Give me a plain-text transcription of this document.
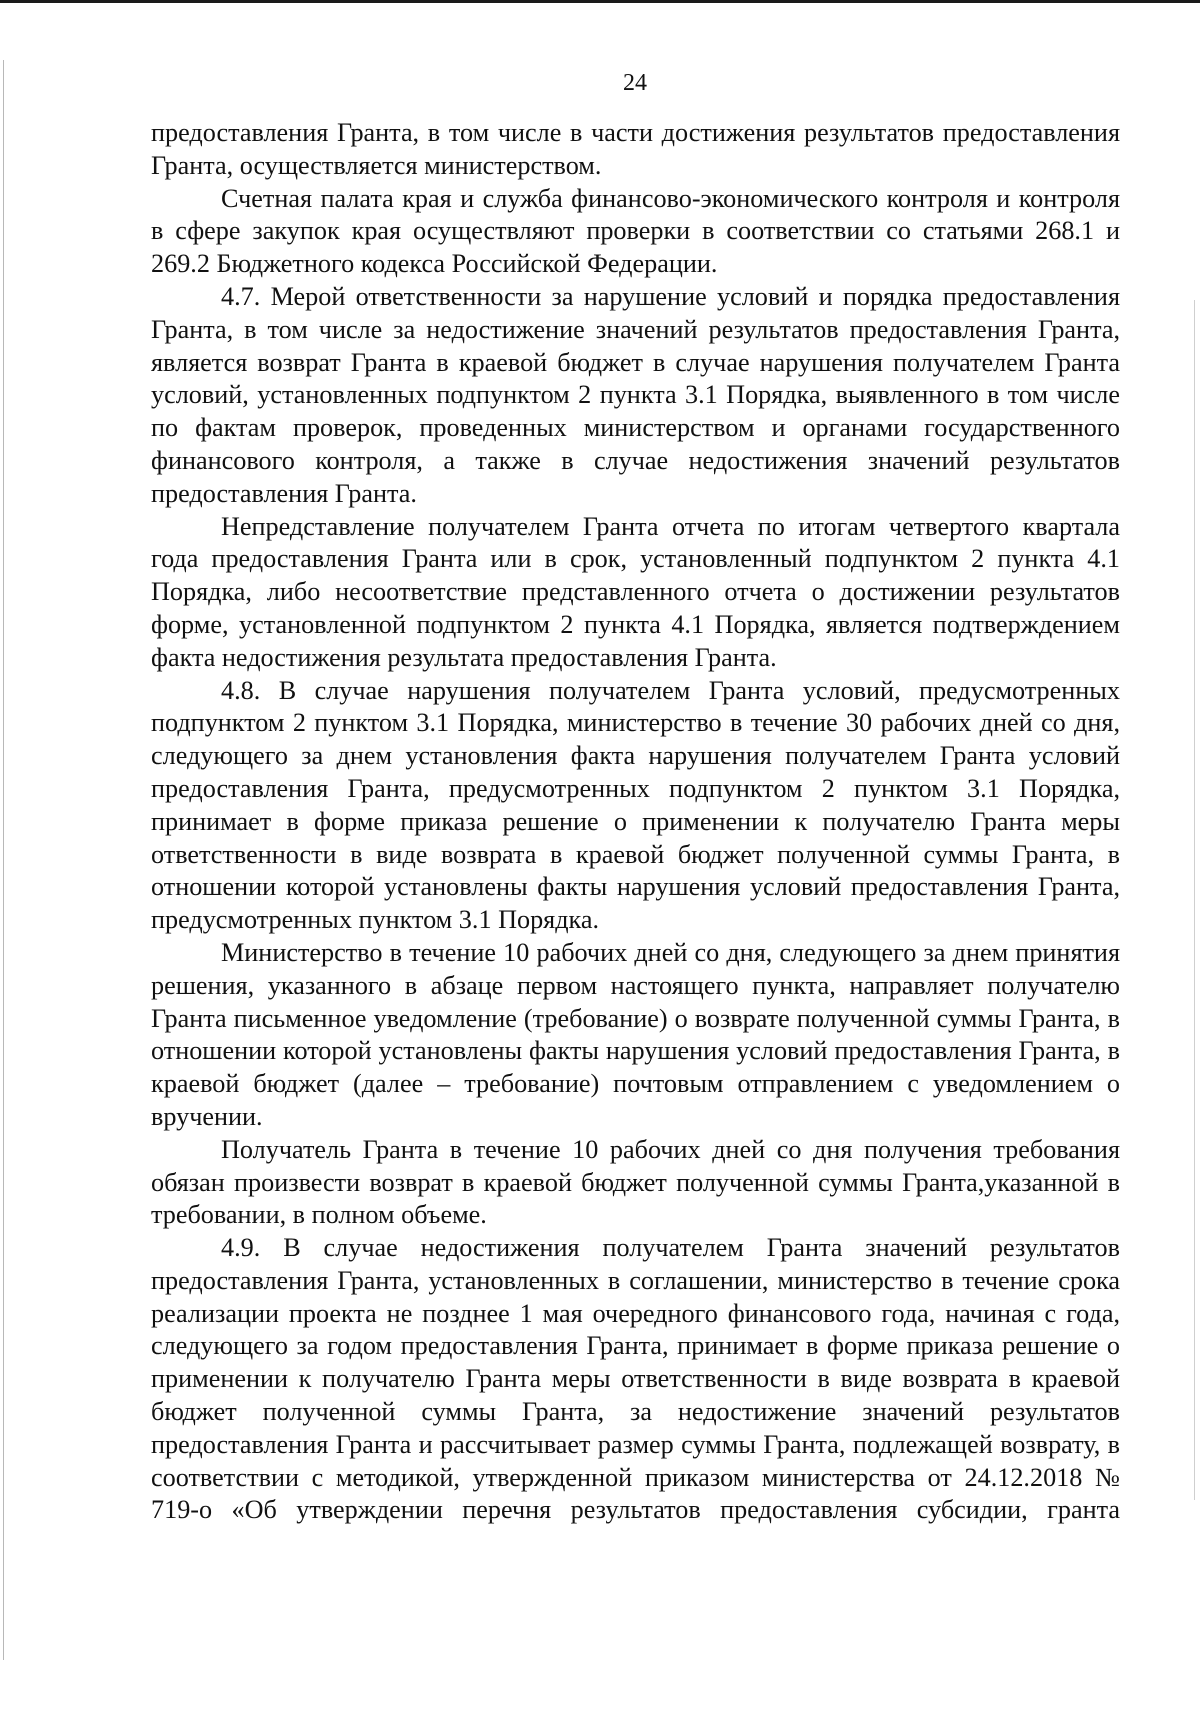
24

предоставления Гранта, в том числе в части достижения результатов предоставления Гранта, осуществляется министерством.

Счетная палата края и служба финансово-экономического контроля и контроля в сфере закупок края осуществляют проверки в соответствии со статьями 268.1 и 269.2 Бюджетного кодекса Российской Федерации.

4.7. Мерой ответственности за нарушение условий и порядка предоставления Гранта, в том числе за недостижение значений результатов предоставления Гранта, является возврат Гранта в краевой бюджет в случае нарушения получателем Гранта условий, установленных подпунктом 2 пункта 3.1 Порядка, выявленного в том числе по фактам проверок, проведенных министерством и органами государственного финансового контроля, а также в случае недостижения значений результатов предоставления Гранта.

Непредставление получателем Гранта отчета по итогам четвертого квартала года предоставления Гранта или в срок, установленный подпунктом 2 пункта 4.1 Порядка, либо несоответствие представленного отчета о достижении результатов форме, установленной подпунктом 2 пункта 4.1 Порядка, является подтверждением факта недостижения результата предоставления Гранта.

4.8. В случае нарушения получателем Гранта условий, предусмотренных подпунктом 2 пунктом 3.1 Порядка, министерство в течение 30 рабочих дней со дня, следующего за днем установления факта нарушения получателем Гранта условий предоставления Гранта, предусмотренных подпунктом 2 пунктом 3.1 Порядка, принимает в форме приказа решение о применении к получателю Гранта меры ответственности в виде возврата в краевой бюджет полученной суммы Гранта, в отношении которой установлены факты нарушения условий предоставления Гранта, предусмотренных пунктом 3.1 Порядка.

Министерство в течение 10 рабочих дней со дня, следующего за днем принятия решения, указанного в абзаце первом настоящего пункта, направляет получателю Гранта письменное уведомление (требование) о возврате полученной суммы Гранта, в отношении которой установлены факты нарушения условий предоставления Гранта, в краевой бюджет (далее – требование) почтовым отправлением с уведомлением о вручении.

Получатель Гранта в течение 10 рабочих дней со дня получения требования обязан произвести возврат в краевой бюджет полученной суммы Гранта,указанной в требовании, в полном объеме.

4.9. В случае недостижения получателем Гранта значений результатов предоставления Гранта, установленных в соглашении, министерство в течение срока реализации проекта не позднее 1 мая очередного финансового года, начиная с года, следующего за годом предоставления Гранта, принимает в форме приказа решение о применении к получателю Гранта меры ответственности в виде возврата в краевой бюджет полученной суммы Гранта, за недостижение значений результатов предоставления Гранта и рассчитывает размер суммы Гранта, подлежащей возврату, в соответствии с методикой, утвержденной приказом министерства от 24.12.2018 № 719-о «Об утверждении перечня результатов предоставления субсидии, гранта
